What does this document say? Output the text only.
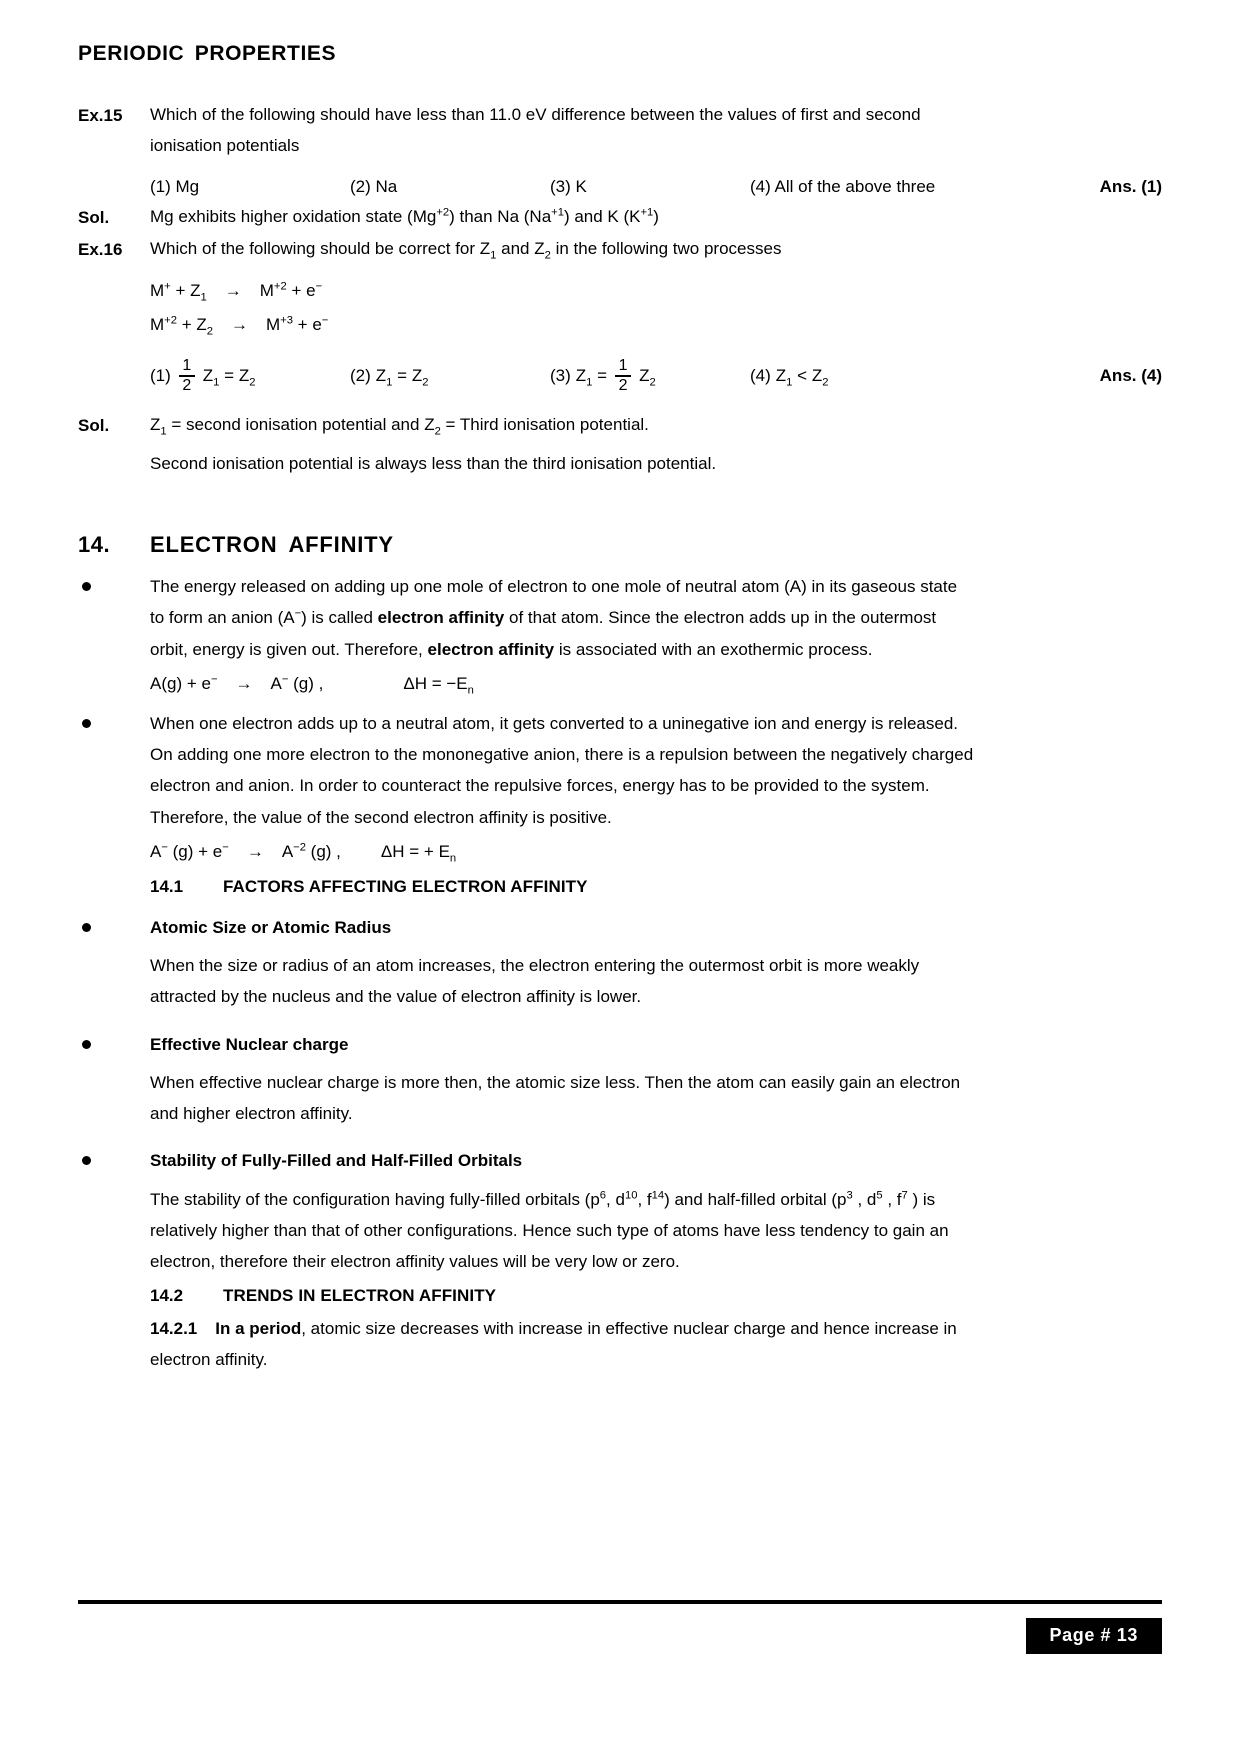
PERIODIC PROPERTIES
Ex.15	Which of the following should have less than 11.0 eV difference between the values of first and second
ionisation potentials
(1) Mg	(2) Na	(3) K	(4) All of the above three	Ans. (1)
Sol.	Mg exhibits higher oxidation state $(Mg^{+2})$ than Na $(Na^{+1})$ and K $(K^{+1})$
Ex.16	Which of the following should be correct for $Z_1$ and $Z_2$ in the following two processes
$M^+ + Z_1 \to M^{+2} + e^-$
$M^{+2} + Z_2 \to M^{+3} + e^-$
$(1) \frac{1}{2} Z_1 = Z_2$	(2) $Z_1 = Z_2$	(3) $Z_1 = \frac{1}{2} Z_2$	(4) $Z_1 < Z_2$	Ans. (4)
Sol.	$Z_1$ = second ionisation potential and $Z_2$ = Third ionisation potential.
Second ionisation potential is always less than the third ionisation potential.
14.	ELECTRON AFFINITY
The energy released on adding up one mole of electron to one mole of neutral atom (A) in its gaseous state
to form an anion (A−) is called electron affinity of that atom. Since the electron adds up in the outermost
orbit, energy is given out. Therefore, electron affinity is associated with an exothermic process.
A(g) + e− → A− (g) ,	$\Delta H = -E_n$
When one electron adds up to a neutral atom, it gets converted to a uninegative ion and energy is released.
On adding one more electron to the mononegative anion, there is a repulsion between the negatively charged
electron and anion. In order to counteract the repulsive forces, energy has to be provided to the system.
Therefore, the value of the second electron affinity is positive.
A− $(g) + e^- \to A^{-2}$ (g) , ΔH = + $E_n$
14.1	FACTORS AFFECTING ELECTRON AFFINITY
Atomic Size or Atomic Radius
When the size or radius of an atom increases, the electron entering the outermost orbit is more weakly
attracted by the nucleus and the value of electron affinity is lower.
Effective Nuclear charge
When effective nuclear charge is more then, the atomic size less. Then the atom can easily gain an electron
and higher electron affinity.
Stability of Fully-Filled and Half-Filled Orbitals
The stability of the configuration having fully-filled orbitals ($p^6$, $d^{10}$, $f^{14}$) and half-filled orbital ($p^3$ , $d^5$ , $f^7$ ) is
relatively higher than that of other configurations. Hence such type of atoms have less tendency to gain an
electron, therefore their electron affinity values will be very low or zero.
14.2	TRENDS IN ELECTRON AFFINITY
14.2.1 In a period, atomic size decreases with increase in effective nuclear charge and hence increase in
electron affinity.
Page # 13
